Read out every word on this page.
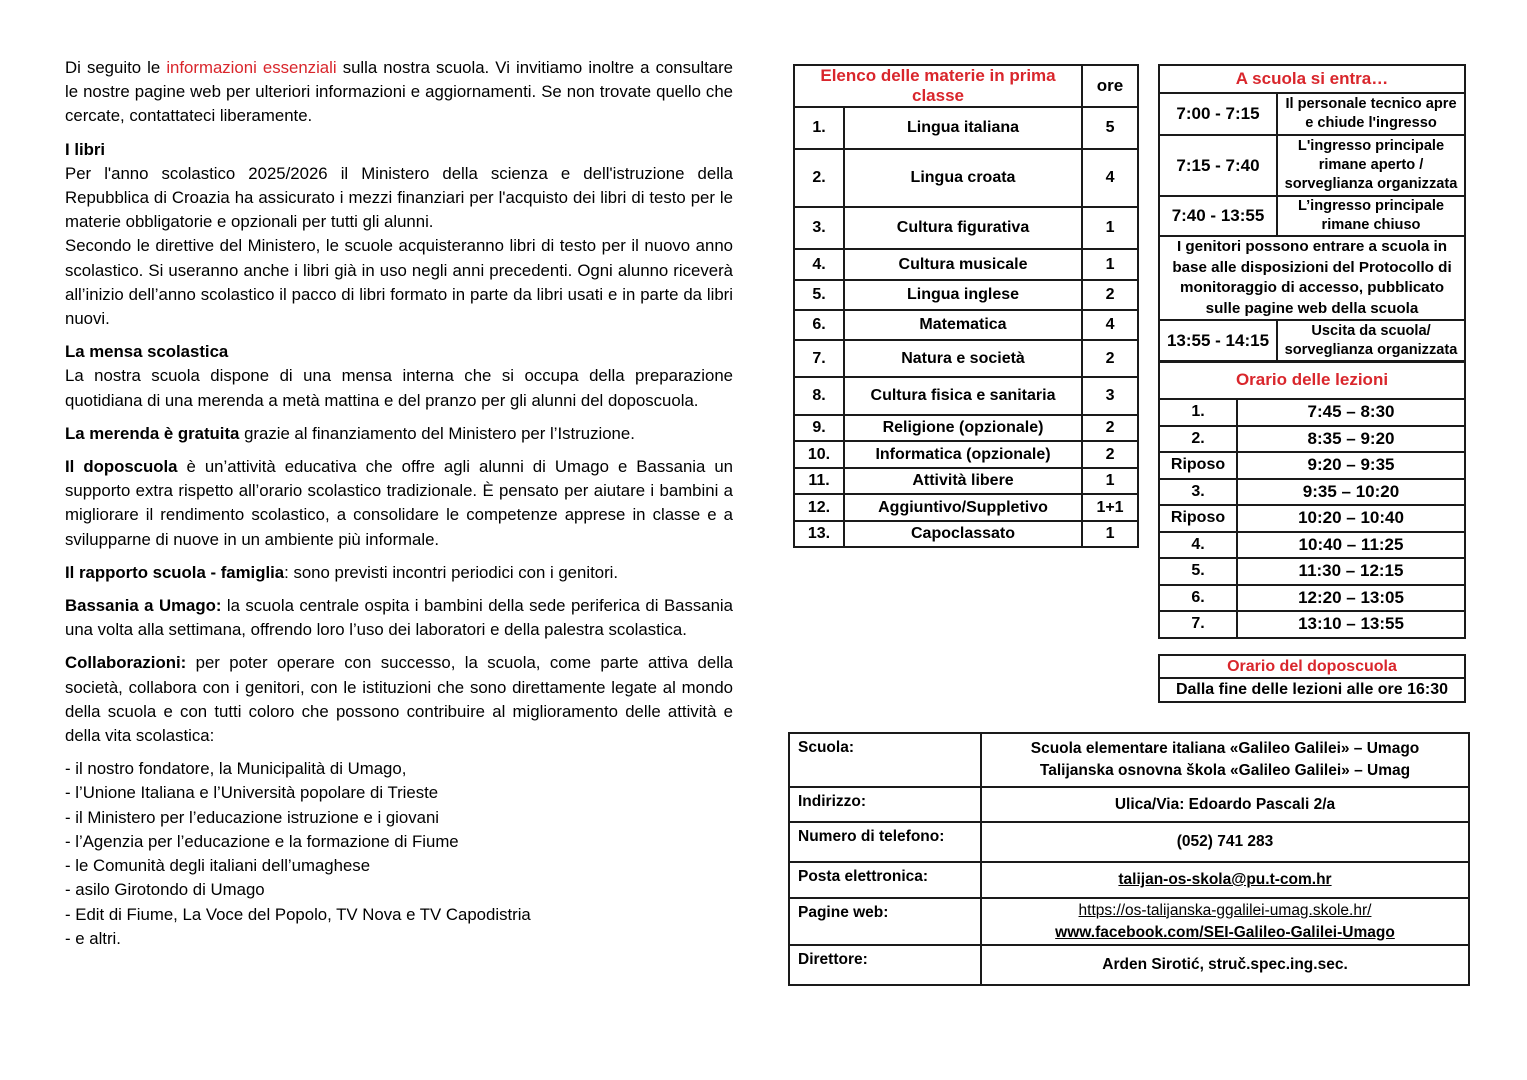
Di seguito le informazioni essenziali sulla nostra scuola. Vi invitiamo inoltre a consultare le nostre pagine web per ulteriori informazioni e aggiornamenti. Se non trovate quello che cercate, contattateci liberamente.
I libri
Per l'anno scolastico 2025/2026 il Ministero della scienza e dell'istruzione della Repubblica di Croazia ha assicurato i mezzi finanziari per l'acquisto dei libri di testo per le materie obbligatorie e opzionali per tutti gli alunni.
Secondo le direttive del Ministero, le scuole acquisteranno libri di testo per il nuovo anno scolastico. Si useranno anche i libri già in uso negli anni precedenti. Ogni alunno riceverà all’inizio dell’anno scolastico il pacco di libri formato in parte da libri usati e in parte da libri nuovi.
La mensa scolastica
La nostra scuola dispone di una mensa interna che si occupa della preparazione quotidiana di una merenda a metà mattina e del pranzo per gli alunni del doposcuola.
La merenda è gratuita grazie al finanziamento del Ministero per l’Istruzione.
Il doposcuola è un’attività educativa che offre agli alunni di Umago e Bassania un supporto extra rispetto all’orario scolastico tradizionale. È pensato per aiutare i bambini a migliorare il rendimento scolastico, a consolidare le competenze apprese in classe e a svilupparne di nuove in un ambiente più informale.
Il rapporto scuola - famiglia: sono previsti incontri periodici con i genitori.
Bassania a Umago: la scuola centrale ospita i bambini della sede periferica di Bassania una volta alla settimana, offrendo loro l’uso dei laboratori e della palestra scolastica.
Collaborazioni: per poter operare con successo, la scuola, come parte attiva della società, collabora con i genitori, con le istituzioni che sono direttamente legate al mondo della scuola e con tutti coloro che possono contribuire al miglioramento delle attività e della vita scolastica:
- il nostro fondatore, la Municipalità di Umago,
- l’Unione Italiana e l’Università popolare di Trieste
- il Ministero per l’educazione istruzione e i giovani
- l’Agenzia per l’educazione e la formazione di Fiume
- le Comunità degli italiani dell’umaghese
- asilo Girotondo di Umago
- Edit di Fiume, La Voce del Popolo, TV Nova e TV Capodistria
- e altri.
Elenco delle materie in prima classe		ore
1.	Lingua italiana	5
2.	Lingua croata	4
3.	Cultura figurativa	1
4.	Cultura musicale	1
5.	Lingua inglese	2
6.	Matematica	4
7.	Natura e società	2
8.	Cultura fisica e sanitaria	3
9.	Religione (opzionale)	2
10.	Informatica (opzionale)	2
11.	Attività libere	1
12.	Aggiuntivo/Suppletivo	1+1
13.	Capoclassato	1
A scuola si entra…	
7:00 - 7:15	Il personale tecnico apre e chiude l'ingresso
7:15 - 7:40	L'ingresso principale rimane aperto / sorveglianza organizzata
7:40 - 13:55	L’ingresso principale rimane chiuso
I genitori possono entrare a scuola in base alle disposizioni del Protocollo di monitoraggio di accesso, pubblicato sulle pagine web della scuola	
13:55 - 14:15	Uscita da scuola/ sorveglianza organizzata
Orario delle lezioni	
1.	7:45 – 8:30
2.	8:35 – 9:20
Riposo	9:20 – 9:35
3.	9:35 – 10:20
Riposo	10:20 – 10:40
4.	10:40 – 11:25
5.	11:30 – 12:15
6.	12:20 – 13:05
7.	13:10 – 13:55
Orario del doposcuola
Dalla fine delle lezioni alle ore 16:30
Scuola:	Scuola elementare italiana «Galileo Galilei» – Umago
Talijanska osnovna škola «Galileo Galilei» – Umag

Indirizzo:	Ulica/Via: Edoardo Pascali 2/a

Numero di telefono:	(052) 741 283

Posta elettronica:	talijan-os-skola@pu.t-com.hr

Pagine web:	https://os-talijanska-ggalilei-umag.skole.hr/
www.facebook.com/SEI-Galileo-Galilei-Umago

Direttore:	Arden Sirotić, struč.spec.ing.sec.
